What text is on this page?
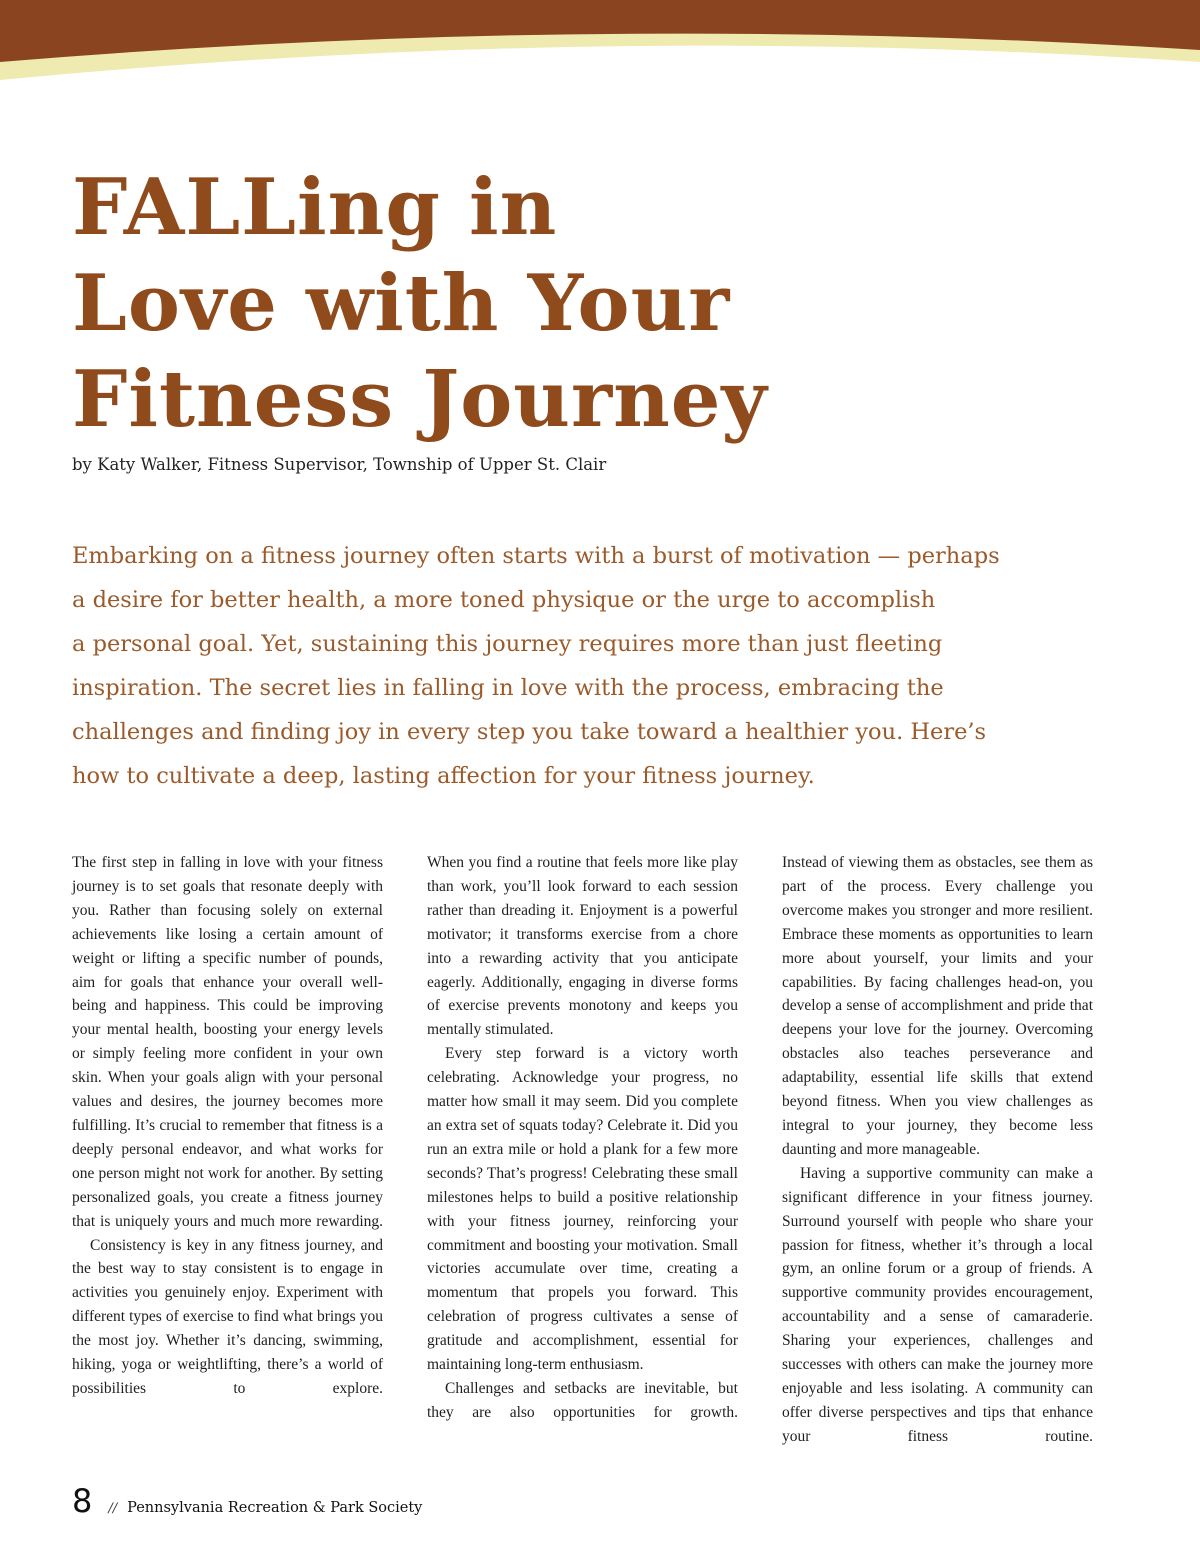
FALLing in
Love with Your
Fitness Journey
by Katy Walker, Fitness Supervisor, Township of Upper St. Clair
Embarking on a fitness journey often starts with a burst of motivation — perhaps
a desire for better health, a more toned physique or the urge to accomplish
a personal goal. Yet, sustaining this journey requires more than just fleeting
inspiration. The secret lies in falling in love with the process, embracing the
challenges and finding joy in every step you take toward a healthier you. Here’s
how to cultivate a deep, lasting affection for your fitness journey.

The first step in falling in love with your fitness journey is to set goals that resonate deeply with you. Rather than focusing solely on external achievements like losing a certain amount of weight or lifting a specific number of pounds, aim for goals that enhance your overall well-being and happiness. This could be improving your mental health, boosting your energy levels or simply feeling more confident in your own skin. When your goals align with your personal values and desires, the journey becomes more fulfilling. It’s crucial to remember that fitness is a deeply personal endeavor, and what works for one person might not work for another. By setting personalized goals, you create a fitness journey that is uniquely yours and much more rewarding.

Consistency is key in any fitness journey, and the best way to stay consistent is to engage in activities you genuinely enjoy. Experiment with different types of exercise to find what brings you the most joy. Whether it’s dancing, swimming, hiking, yoga or weightlifting, there’s a world of possibilities to explore.

When you find a routine that feels more like play than work, you’ll look forward to each session rather than dreading it. Enjoyment is a powerful motivator; it transforms exercise from a chore into a rewarding activity that you anticipate eagerly. Additionally, engaging in diverse forms of exercise prevents monotony and keeps you mentally stimulated.

Every step forward is a victory worth celebrating. Acknowledge your progress, no matter how small it may seem. Did you complete an extra set of squats today? Celebrate it. Did you run an extra mile or hold a plank for a few more seconds? That’s progress! Celebrating these small milestones helps to build a positive relationship with your fitness journey, reinforcing your commitment and boosting your motivation. Small victories accumulate over time, creating a momentum that propels you forward. This celebration of progress cultivates a sense of gratitude and accomplishment, essential for maintaining long-term enthusiasm.

Challenges and setbacks are inevitable, but they are also opportunities for growth.

Instead of viewing them as obstacles, see them as part of the process. Every challenge you overcome makes you stronger and more resilient. Embrace these moments as opportunities to learn more about yourself, your limits and your capabilities. By facing challenges head-on, you develop a sense of accomplishment and pride that deepens your love for the journey. Overcoming obstacles also teaches perseverance and adaptability, essential life skills that extend beyond fitness. When you view challenges as integral to your journey, they become less daunting and more manageable.

Having a supportive community can make a significant difference in your fitness journey. Surround yourself with people who share your passion for fitness, whether it’s through a local gym, an online forum or a group of friends. A supportive community provides encouragement, accountability and a sense of camaraderie. Sharing your experiences, challenges and successes with others can make the journey more enjoyable and less isolating. A community can offer diverse perspectives and tips that enhance your fitness routine.

8 // Pennsylvania Recreation & Park Society
